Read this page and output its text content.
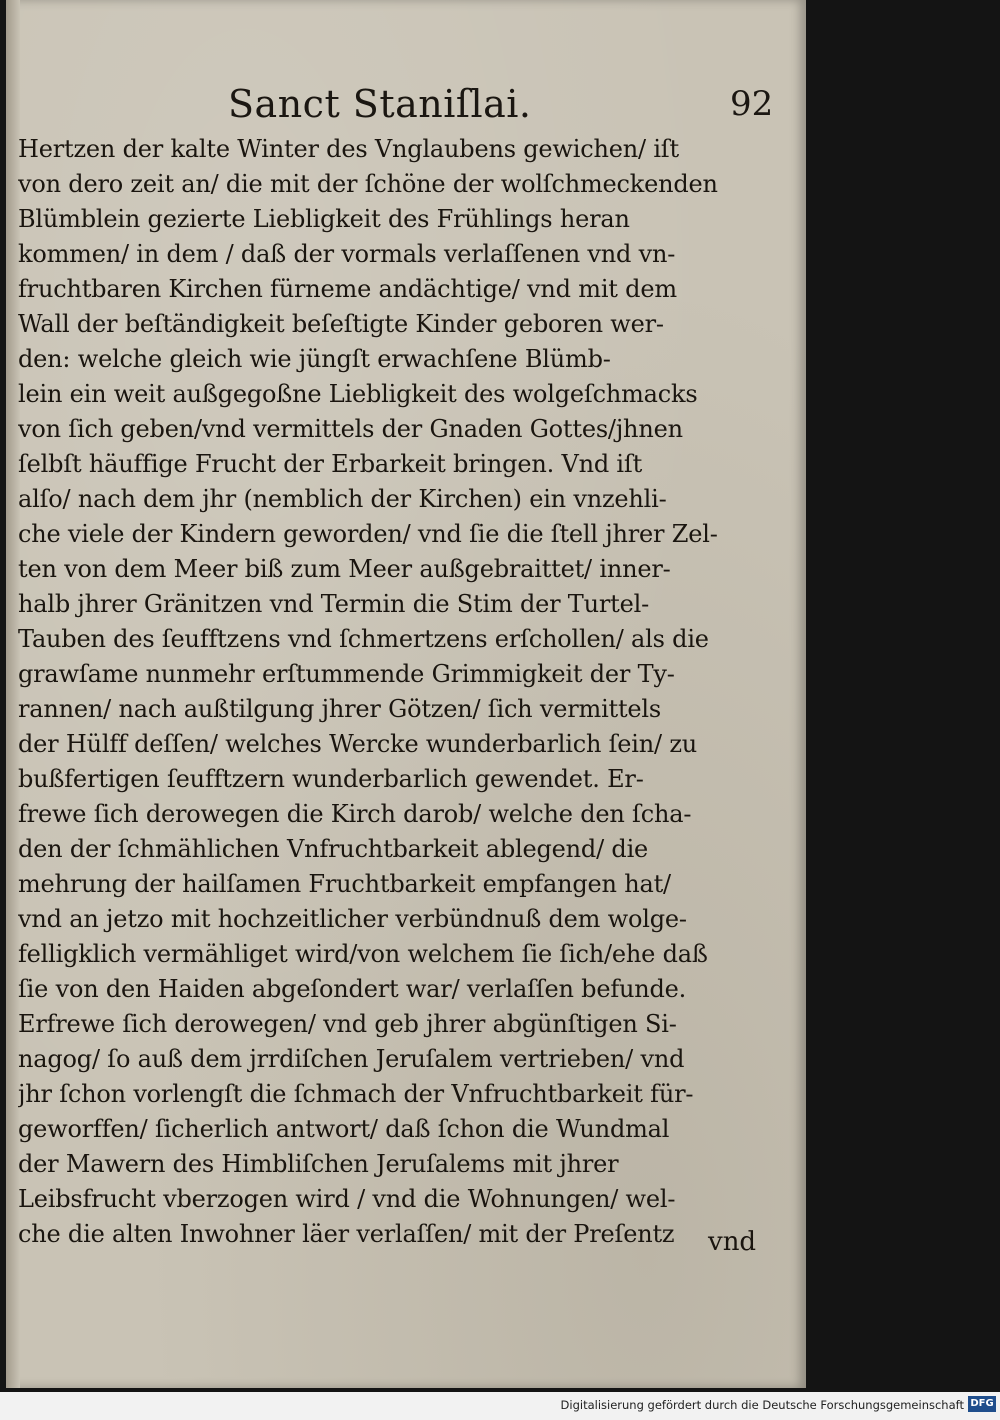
Sanct Staniſlai.	92
Hertzen der kalte Winter des Vnglaubens gewichen/ iſt
von dero zeit an/ die mit der ſchöne der wolſchmeckenden
Blümblein gezierte Liebligkeit des Frühlings heran
kommen/ in dem / daß der vormals verlaſſenen vnd vn-
fruchtbaren Kirchen fürneme andächtige/ vnd mit dem
Wall der beſtändigkeit beſeſtigte Kinder geboren wer-
den: welche gleich wie jüngſt erwachſene Blümb-
lein ein weit außgegoßne Liebligkeit des wolgeſchmacks
von ſich geben/vnd vermittels der Gnaden Gottes/jhnen
ſelbſt häuffige Frucht der Erbarkeit bringen. Vnd iſt
alſo/ nach dem jhr (nemblich der Kirchen) ein vnzehli-
che viele der Kindern geworden/ vnd ſie die ſtell jhrer Zel-
ten von dem Meer biß zum Meer außgebraittet/ inner-
halb jhrer Gränitzen vnd Termin die Stim der Turtel-
Tauben des ſeufftzens vnd ſchmertzens erſchollen/ als die
grawſame nunmehr erſtummende Grimmigkeit der Ty-
rannen/ nach außtilgung jhrer Götzen/ ſich vermittels
der Hülff deſſen/ welches Wercke wunderbarlich ſein/ zu
bußfertigen ſeufftzern wunderbarlich gewendet. Er-
frewe ſich derowegen die Kirch darob/ welche den ſcha-
den der ſchmählichen Vnfruchtbarkeit ablegend/ die
mehrung der hailſamen Fruchtbarkeit empfangen hat/
vnd an jetzo mit hochzeitlicher verbündnuß dem wolge-
felligklich vermähliget wird/von welchem ſie ſich/ehe daß
ſie von den Haiden abgeſondert war/ verlaſſen befunde.
Erfrewe ſich derowegen/ vnd geb jhrer abgünſtigen Si-
nagog/ ſo auß dem jrrdiſchen Jeruſalem vertrieben/ vnd
jhr ſchon vorlengſt die ſchmach der Vnfruchtbarkeit für-
geworffen/ ſicherlich antwort/ daß ſchon die Wundmal
der Mawern des Himbliſchen Jeruſalems mit jhrer
Leibsfrucht vberzogen wird / vnd die Wohnungen/ wel-
che die alten Inwohner läer verlaſſen/ mit der Preſentz	vnd
Digitalisierung gefördert durch die Deutsche Forschungsgemeinschaft DFG
